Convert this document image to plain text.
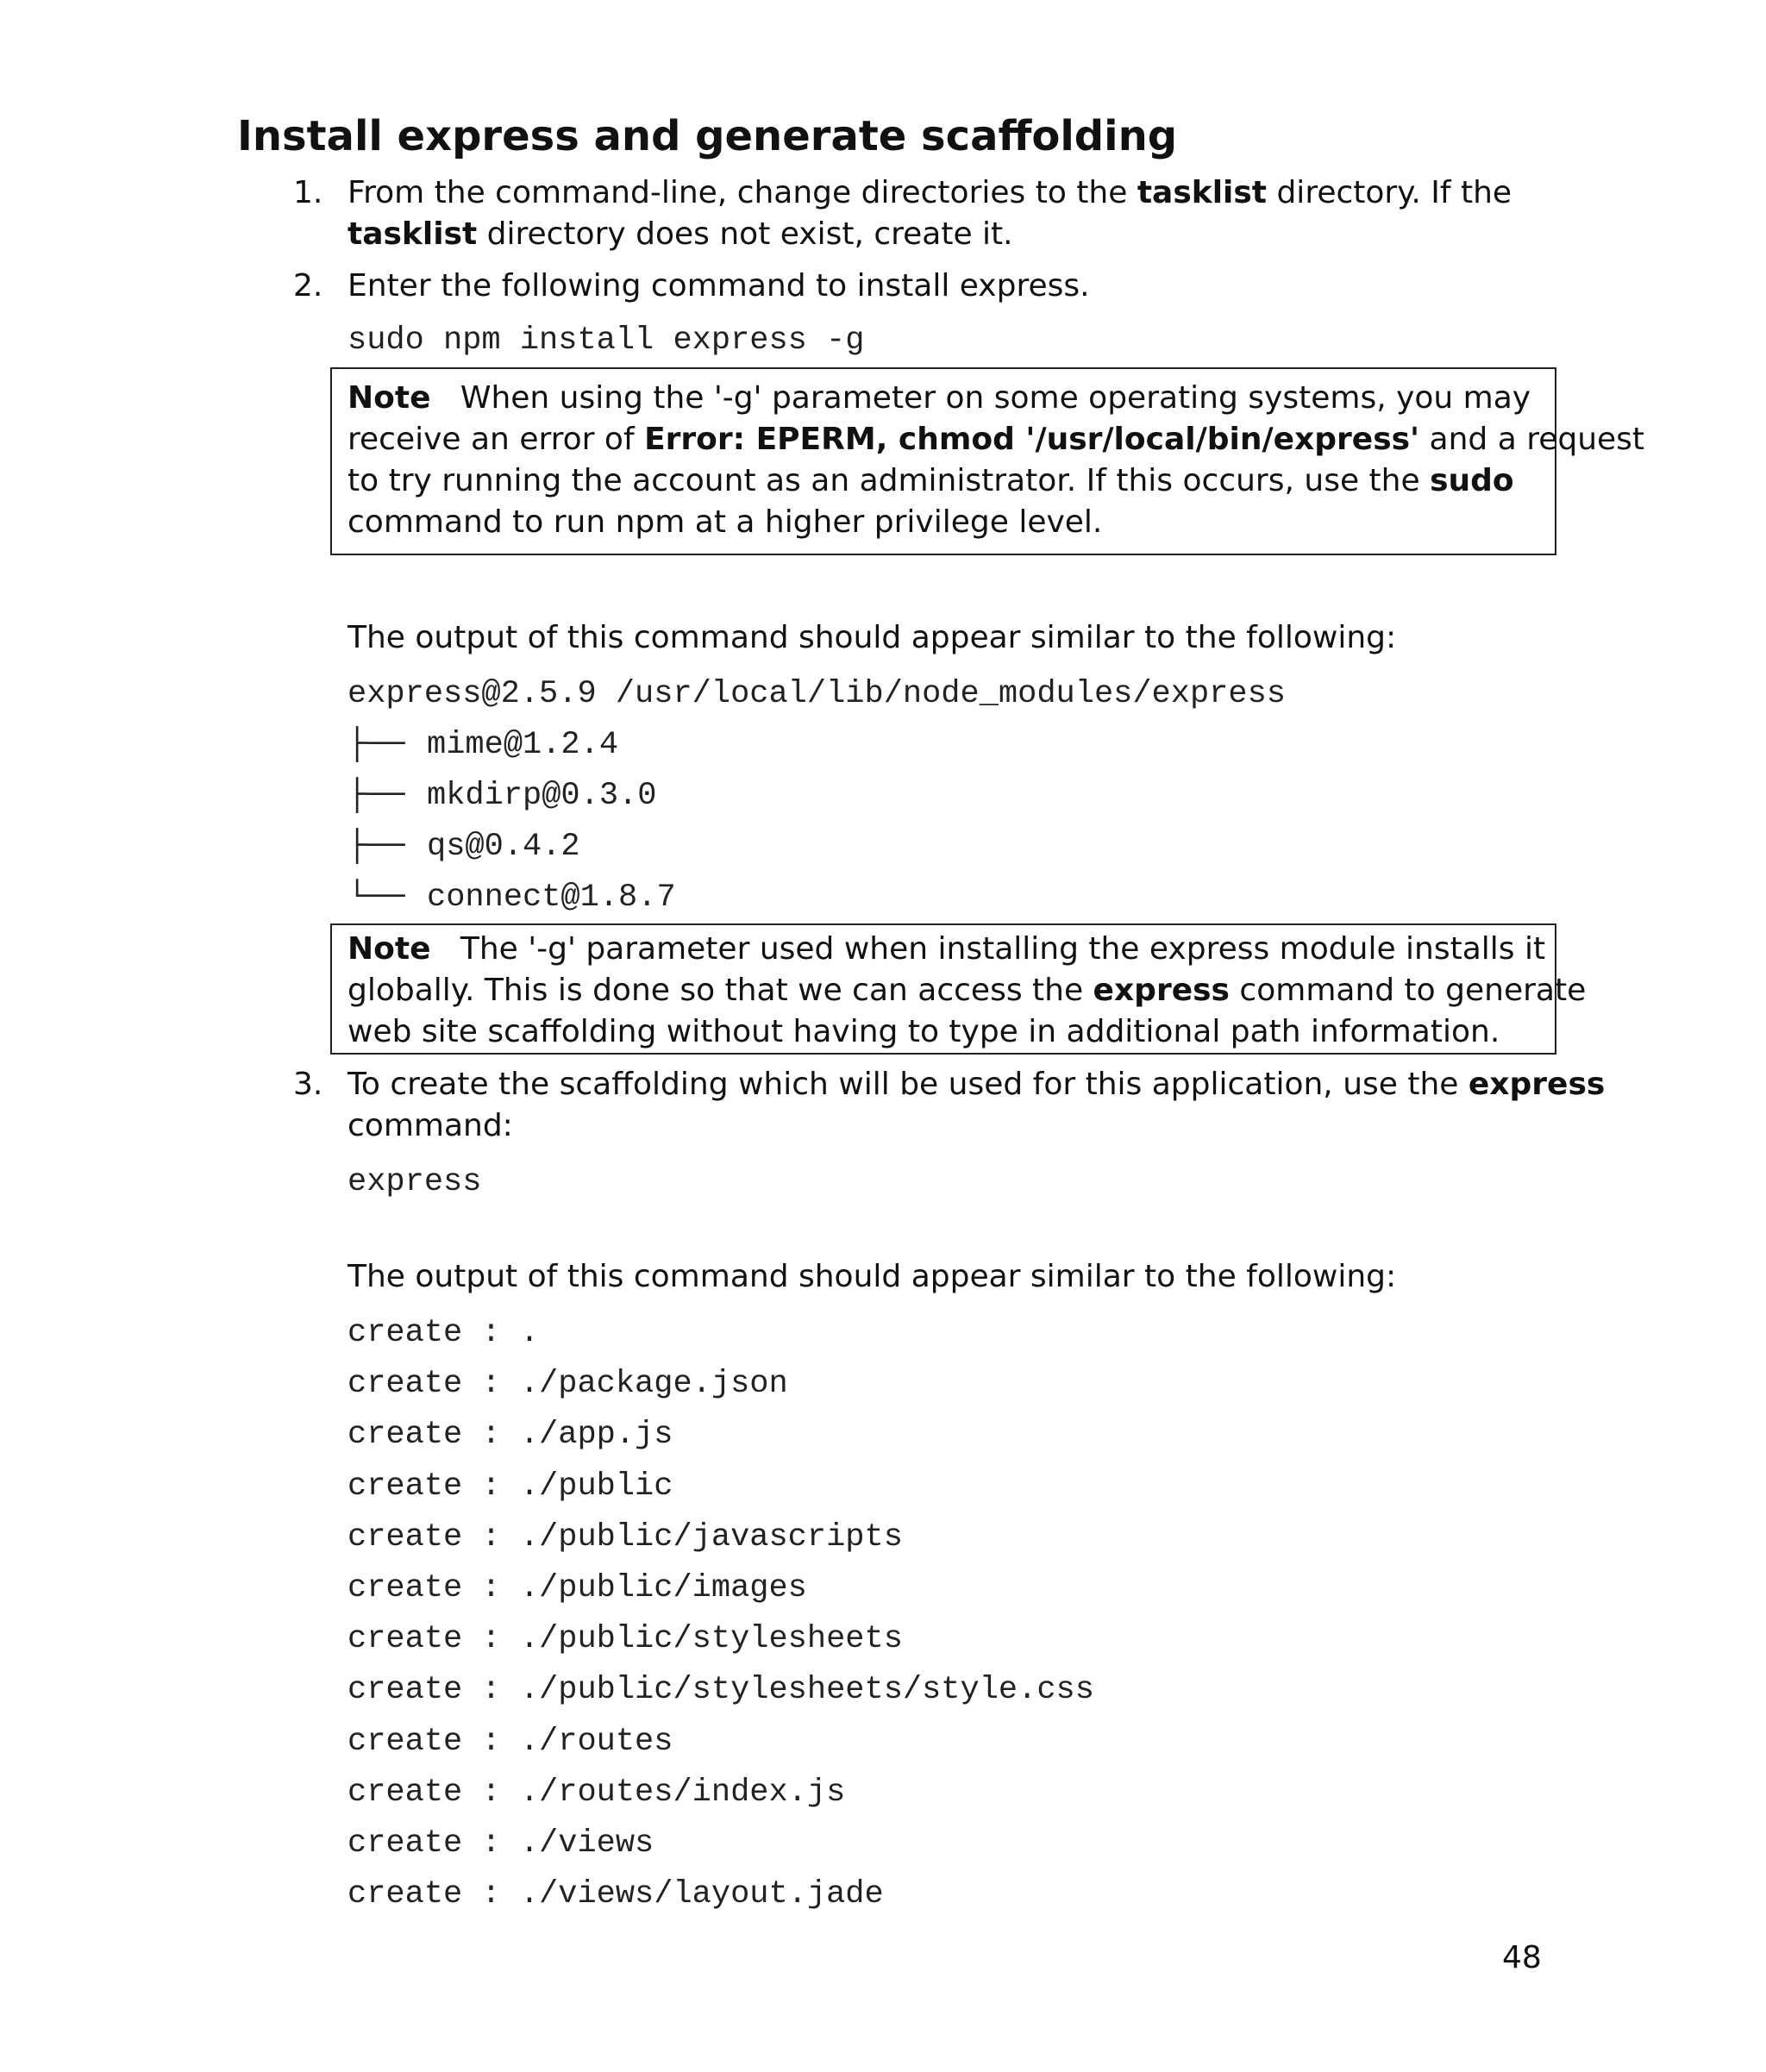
Install express and generate scaffolding
1. From the command-line, change directories to the tasklist directory. If the
tasklist directory does not exist, create it.
2. Enter the following command to install express.
sudo npm install express -g
Note When using the '-g' parameter on some operating systems, you may
receive an error of Error: EPERM, chmod '/usr/local/bin/express' and a request
to try running the account as an administrator. If this occurs, use the sudo
command to run npm at a higher privilege level.
The output of this command should appear similar to the following:
express@2.5.9 /usr/local/lib/node_modules/express
├── mime@1.2.4
├── mkdirp@0.3.0
├── qs@0.4.2
└── connect@1.8.7
Note The '-g' parameter used when installing the express module installs it
globally. This is done so that we can access the express command to generate
web site scaffolding without having to type in additional path information.
3. To create the scaffolding which will be used for this application, use the express
command:
express
The output of this command should appear similar to the following:
create : .
create : ./package.json
create : ./app.js
create : ./public
create : ./public/javascripts
create : ./public/images
create : ./public/stylesheets
create : ./public/stylesheets/style.css
create : ./routes
create : ./routes/index.js
create : ./views
create : ./views/layout.jade
48
